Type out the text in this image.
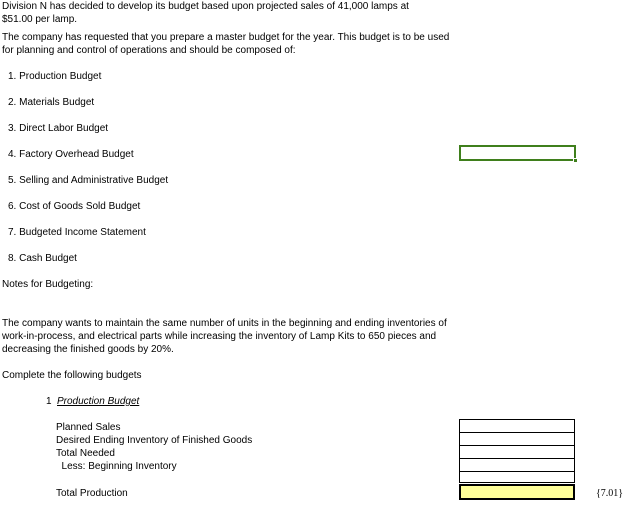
Division N has decided to develop its budget based upon projected sales of 41,000 lamps at
$51.00 per lamp.
The company has requested that you prepare a master budget for the year. This budget is to be used
for planning and control of operations and should be composed of:
1. Production Budget
2. Materials Budget
3. Direct Labor Budget
4. Factory Overhead Budget
5. Selling and Administrative Budget
6. Cost of Goods Sold Budget
7. Budgeted Income Statement
8. Cash Budget
Notes for Budgeting:
The company wants to maintain the same number of units in the beginning and ending inventories of
work-in-process, and electrical parts while increasing the inventory of Lamp Kits to 650 pieces and
decreasing the finished goods by 20%.
Complete the following budgets
1 Production Budget
Planned Sales
Desired Ending Inventory of Finished Goods
Total Needed
Less: Beginning Inventory
Total Production	{7.01}
